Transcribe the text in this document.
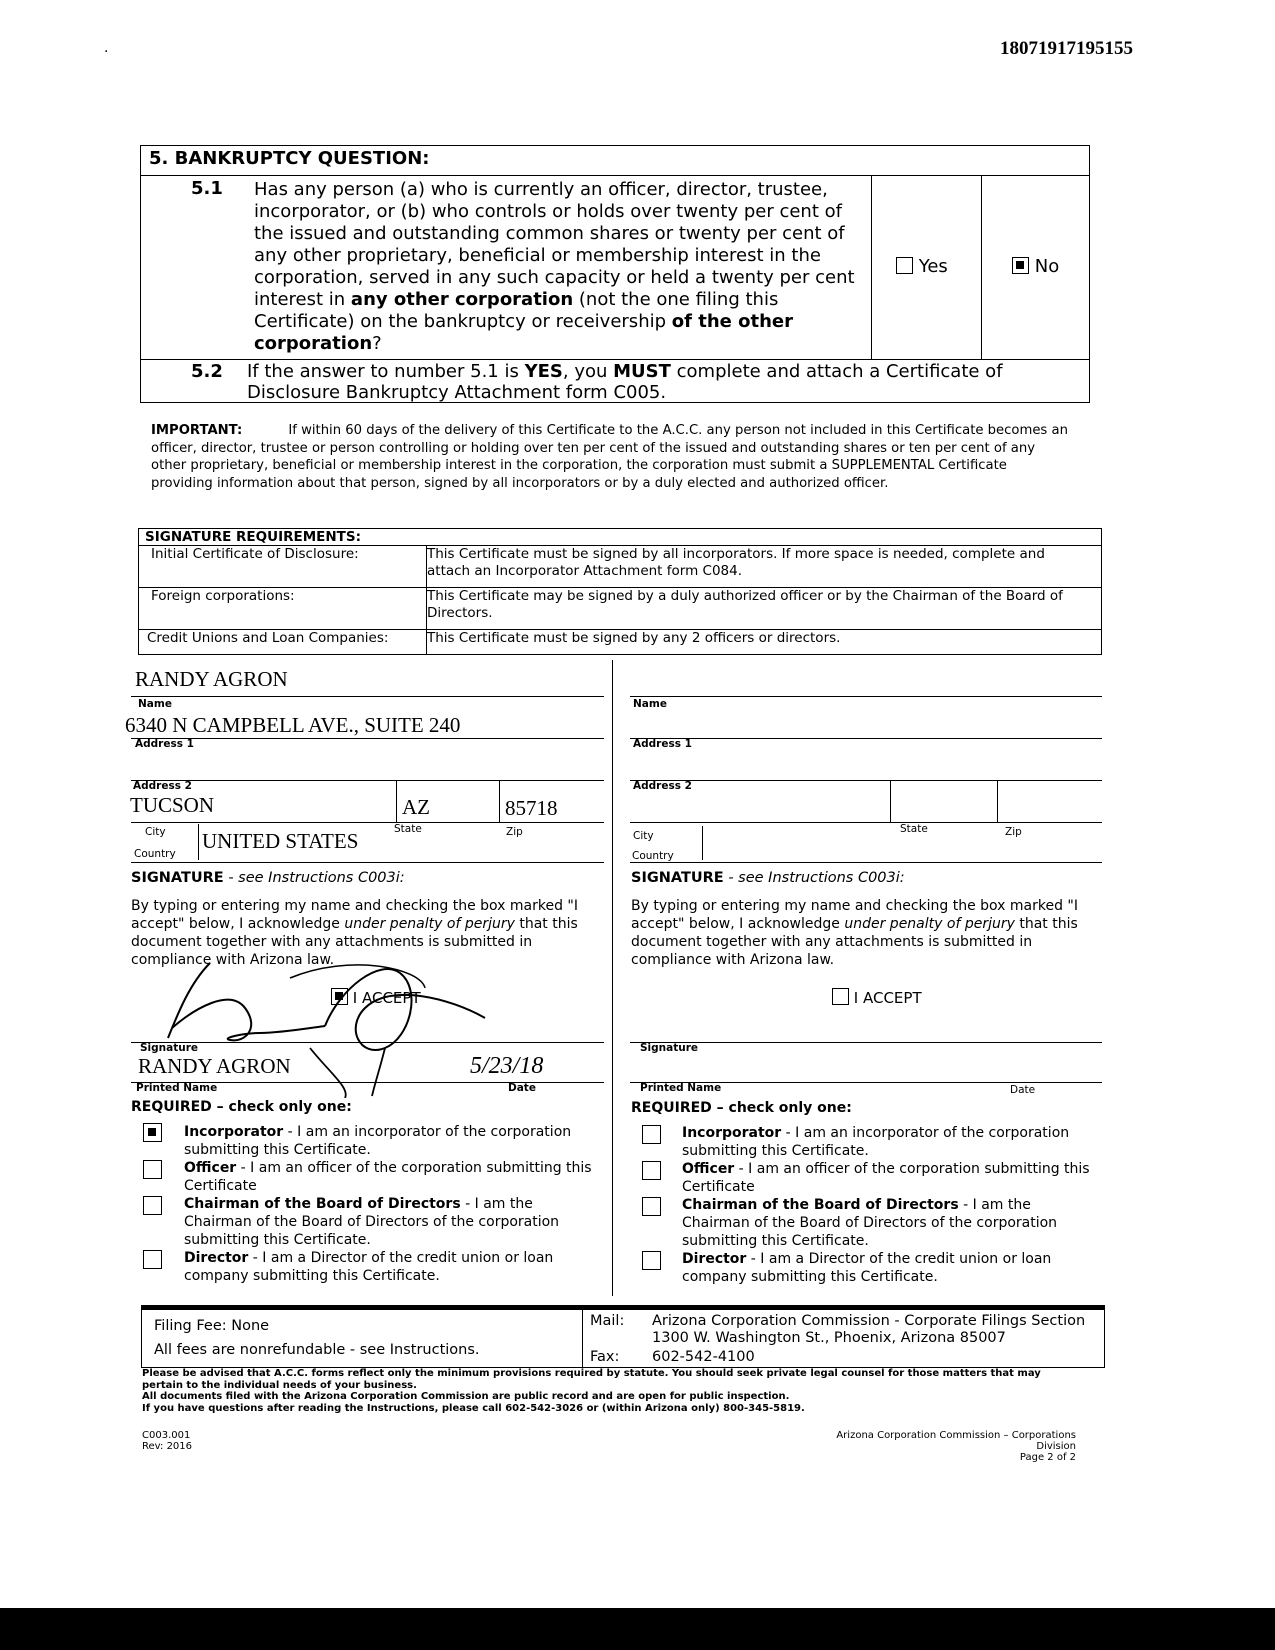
·	18071917195155
5. BANKRUPTCY QUESTION:
5.1 Has any person (a) who is currently an officer, director, trustee, incorporator, or (b) who controls or holds over twenty per cent of the issued and outstanding common shares or twenty per cent of any other proprietary, beneficial or membership interest in the corporation, served in any such capacity or held a twenty per cent interest in any other corporation (not the one filing this Certificate) on the bankruptcy or receivership of the other corporation?
Yes	No
5.2 If the answer to number 5.1 is YES, you MUST complete and attach a Certificate of Disclosure Bankruptcy Attachment form C005.
IMPORTANT:	If within 60 days of the delivery of this Certificate to the A.C.C. any person not included in this Certificate becomes an officer, director, trustee or person controlling or holding over ten per cent of the issued and outstanding shares or ten per cent of any other proprietary, beneficial or membership interest in the corporation, the corporation must submit a SUPPLEMENTAL Certificate providing information about that person, signed by all incorporators or by a duly elected and authorized officer.
SIGNATURE REQUIREMENTS:
Initial Certificate of Disclosure:	This Certificate must be signed by all incorporators. If more space is needed, complete and attach an Incorporator Attachment form C084.
Foreign corporations:	This Certificate may be signed by a duly authorized officer or by the Chairman of the Board of Directors.
Credit Unions and Loan Companies:	This Certificate must be signed by any 2 officers or directors.
RANDY AGRON
Name
6340 N CAMPBELL AVE., SUITE 240
Address 1
Address 2
TUCSON	AZ	85718
City	State	Zip
UNITED STATES
Country
SIGNATURE - see Instructions C003i:
By typing or entering my name and checking the box marked "I accept" below, I acknowledge under penalty of perjury that this document together with any attachments is submitted in compliance with Arizona law.
I ACCEPT
Signature
RANDY AGRON	5/23/18
Printed Name	Date
REQUIRED – check only one:
Incorporator - I am an incorporator of the corporation submitting this Certificate.
Officer - I am an officer of the corporation submitting this Certificate
Chairman of the Board of Directors - I am the Chairman of the Board of Directors of the corporation submitting this Certificate.
Director - I am a Director of the credit union or loan company submitting this Certificate.
Name
Address 1
Address 2
City
State	Zip
Country
SIGNATURE - see Instructions C003i:
By typing or entering my name and checking the box marked "I accept" below, I acknowledge under penalty of perjury that this document together with any attachments is submitted in compliance with Arizona law.
I ACCEPT
Signature
Printed Name	Date
REQUIRED – check only one:
Incorporator - I am an incorporator of the corporation submitting this Certificate.
Officer - I am an officer of the corporation submitting this Certificate
Chairman of the Board of Directors - I am the Chairman of the Board of Directors of the corporation submitting this Certificate.
Director - I am a Director of the credit union or loan company submitting this Certificate.
Filing Fee: None
All fees are nonrefundable - see Instructions.
Mail: Arizona Corporation Commission - Corporate Filings Section
1300 W. Washington St., Phoenix, Arizona 85007
Fax: 602-542-4100
Please be advised that A.C.C. forms reflect only the minimum provisions required by statute. You should seek private legal counsel for those matters that may pertain to the individual needs of your business.
All documents filed with the Arizona Corporation Commission are public record and are open for public inspection.
If you have questions after reading the Instructions, please call 602-542-3026 or (within Arizona only) 800-345-5819.
C003.001
Rev: 2016
Arizona Corporation Commission – Corporations Division
Page 2 of 2
